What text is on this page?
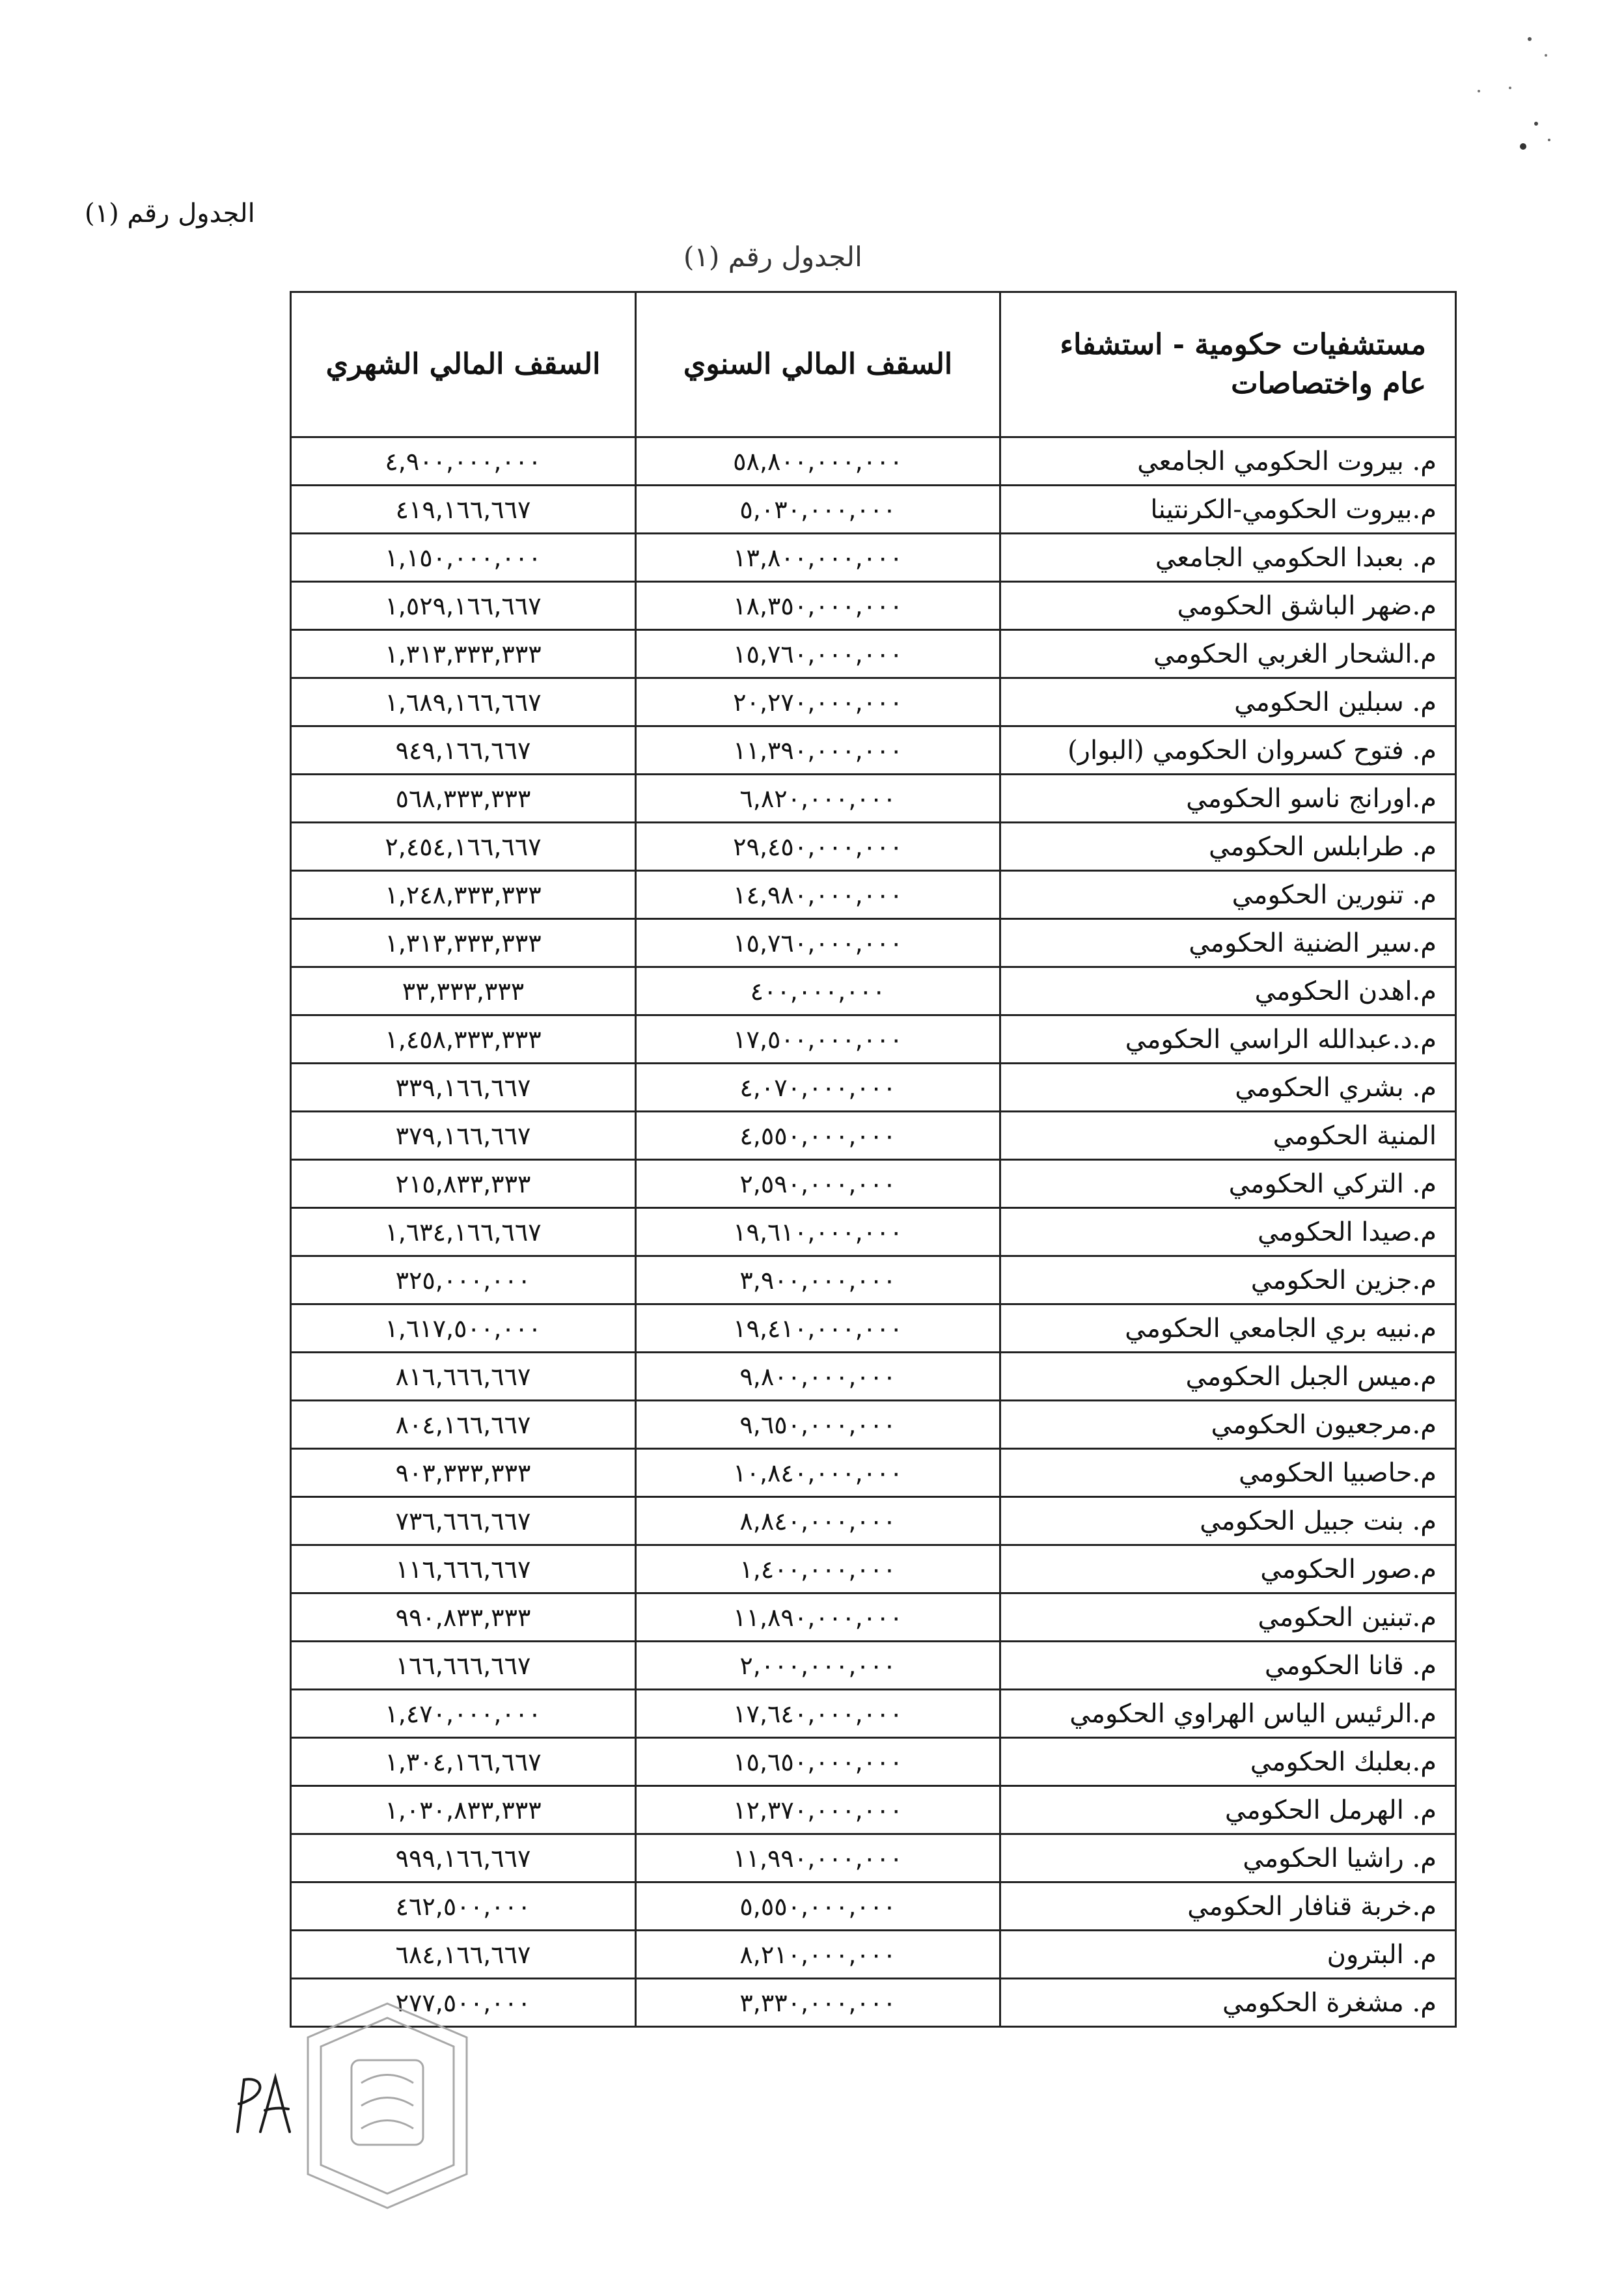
الجدول رقم (١)
الجدول رقم (١)
مستشفيات حكومية - استشفاء عام واختصاصات	السقف المالي السنوي	السقف المالي الشهري
م. بيروت الحكومي الجامعي	٥٨,٨٠٠,٠٠٠,٠٠٠	٤,٩٠٠,٠٠٠,٠٠٠
م.بيروت الحكومي-الكرنتينا	٥,٠٣٠,٠٠٠,٠٠٠	٤١٩,١٦٦,٦٦٧
م. بعبدا الحكومي الجامعي	١٣,٨٠٠,٠٠٠,٠٠٠	١,١٥٠,٠٠٠,٠٠٠
م.ضهر الباشق الحكومي	١٨,٣٥٠,٠٠٠,٠٠٠	١,٥٢٩,١٦٦,٦٦٧
م.الشحار الغربي الحكومي	١٥,٧٦٠,٠٠٠,٠٠٠	١,٣١٣,٣٣٣,٣٣٣
م. سبلين الحكومي	٢٠,٢٧٠,٠٠٠,٠٠٠	١,٦٨٩,١٦٦,٦٦٧
م. فتوح كسروان الحكومي (البوار)	١١,٣٩٠,٠٠٠,٠٠٠	٩٤٩,١٦٦,٦٦٧
م.اورانج ناسو الحكومي	٦,٨٢٠,٠٠٠,٠٠٠	٥٦٨,٣٣٣,٣٣٣
م. طرابلس الحكومي	٢٩,٤٥٠,٠٠٠,٠٠٠	٢,٤٥٤,١٦٦,٦٦٧
م. تنورين الحكومي	١٤,٩٨٠,٠٠٠,٠٠٠	١,٢٤٨,٣٣٣,٣٣٣
م.سير الضنية الحكومي	١٥,٧٦٠,٠٠٠,٠٠٠	١,٣١٣,٣٣٣,٣٣٣
م.اهدن الحكومي	٤٠٠,٠٠٠,٠٠٠	٣٣,٣٣٣,٣٣٣
م.د.عبدالله الراسي الحكومي	١٧,٥٠٠,٠٠٠,٠٠٠	١,٤٥٨,٣٣٣,٣٣٣
م. بشري الحكومي	٤,٠٧٠,٠٠٠,٠٠٠	٣٣٩,١٦٦,٦٦٧
المنية الحكومي	٤,٥٥٠,٠٠٠,٠٠٠	٣٧٩,١٦٦,٦٦٧
م. التركي الحكومي	٢,٥٩٠,٠٠٠,٠٠٠	٢١٥,٨٣٣,٣٣٣
م.صيدا الحكومي	١٩,٦١٠,٠٠٠,٠٠٠	١,٦٣٤,١٦٦,٦٦٧
م.جزين الحكومي	٣,٩٠٠,٠٠٠,٠٠٠	٣٢٥,٠٠٠,٠٠٠
م.نبيه بري الجامعي الحكومي	١٩,٤١٠,٠٠٠,٠٠٠	١,٦١٧,٥٠٠,٠٠٠
م.ميس الجبل الحكومي	٩,٨٠٠,٠٠٠,٠٠٠	٨١٦,٦٦٦,٦٦٧
م.مرجعيون الحكومي	٩,٦٥٠,٠٠٠,٠٠٠	٨٠٤,١٦٦,٦٦٧
م.حاصبيا الحكومي	١٠,٨٤٠,٠٠٠,٠٠٠	٩٠٣,٣٣٣,٣٣٣
م. بنت جبيل الحكومي	٨,٨٤٠,٠٠٠,٠٠٠	٧٣٦,٦٦٦,٦٦٧
م.صور الحكومي	١,٤٠٠,٠٠٠,٠٠٠	١١٦,٦٦٦,٦٦٧
م.تبنين الحكومي	١١,٨٩٠,٠٠٠,٠٠٠	٩٩٠,٨٣٣,٣٣٣
م. قانا الحكومي	٢,٠٠٠,٠٠٠,٠٠٠	١٦٦,٦٦٦,٦٦٧
م.الرئيس الياس الهراوي الحكومي	١٧,٦٤٠,٠٠٠,٠٠٠	١,٤٧٠,٠٠٠,٠٠٠
م.بعلبك الحكومي	١٥,٦٥٠,٠٠٠,٠٠٠	١,٣٠٤,١٦٦,٦٦٧
م. الهرمل الحكومي	١٢,٣٧٠,٠٠٠,٠٠٠	١,٠٣٠,٨٣٣,٣٣٣
م. راشيا الحكومي	١١,٩٩٠,٠٠٠,٠٠٠	٩٩٩,١٦٦,٦٦٧
م.خربة قنافار الحكومي	٥,٥٥٠,٠٠٠,٠٠٠	٤٦٢,٥٠٠,٠٠٠
م. البترون	٨,٢١٠,٠٠٠,٠٠٠	٦٨٤,١٦٦,٦٦٧
م. مشغرة الحكومي	٣,٣٣٠,٠٠٠,٠٠٠	٢٧٧,٥٠٠,٠٠٠
